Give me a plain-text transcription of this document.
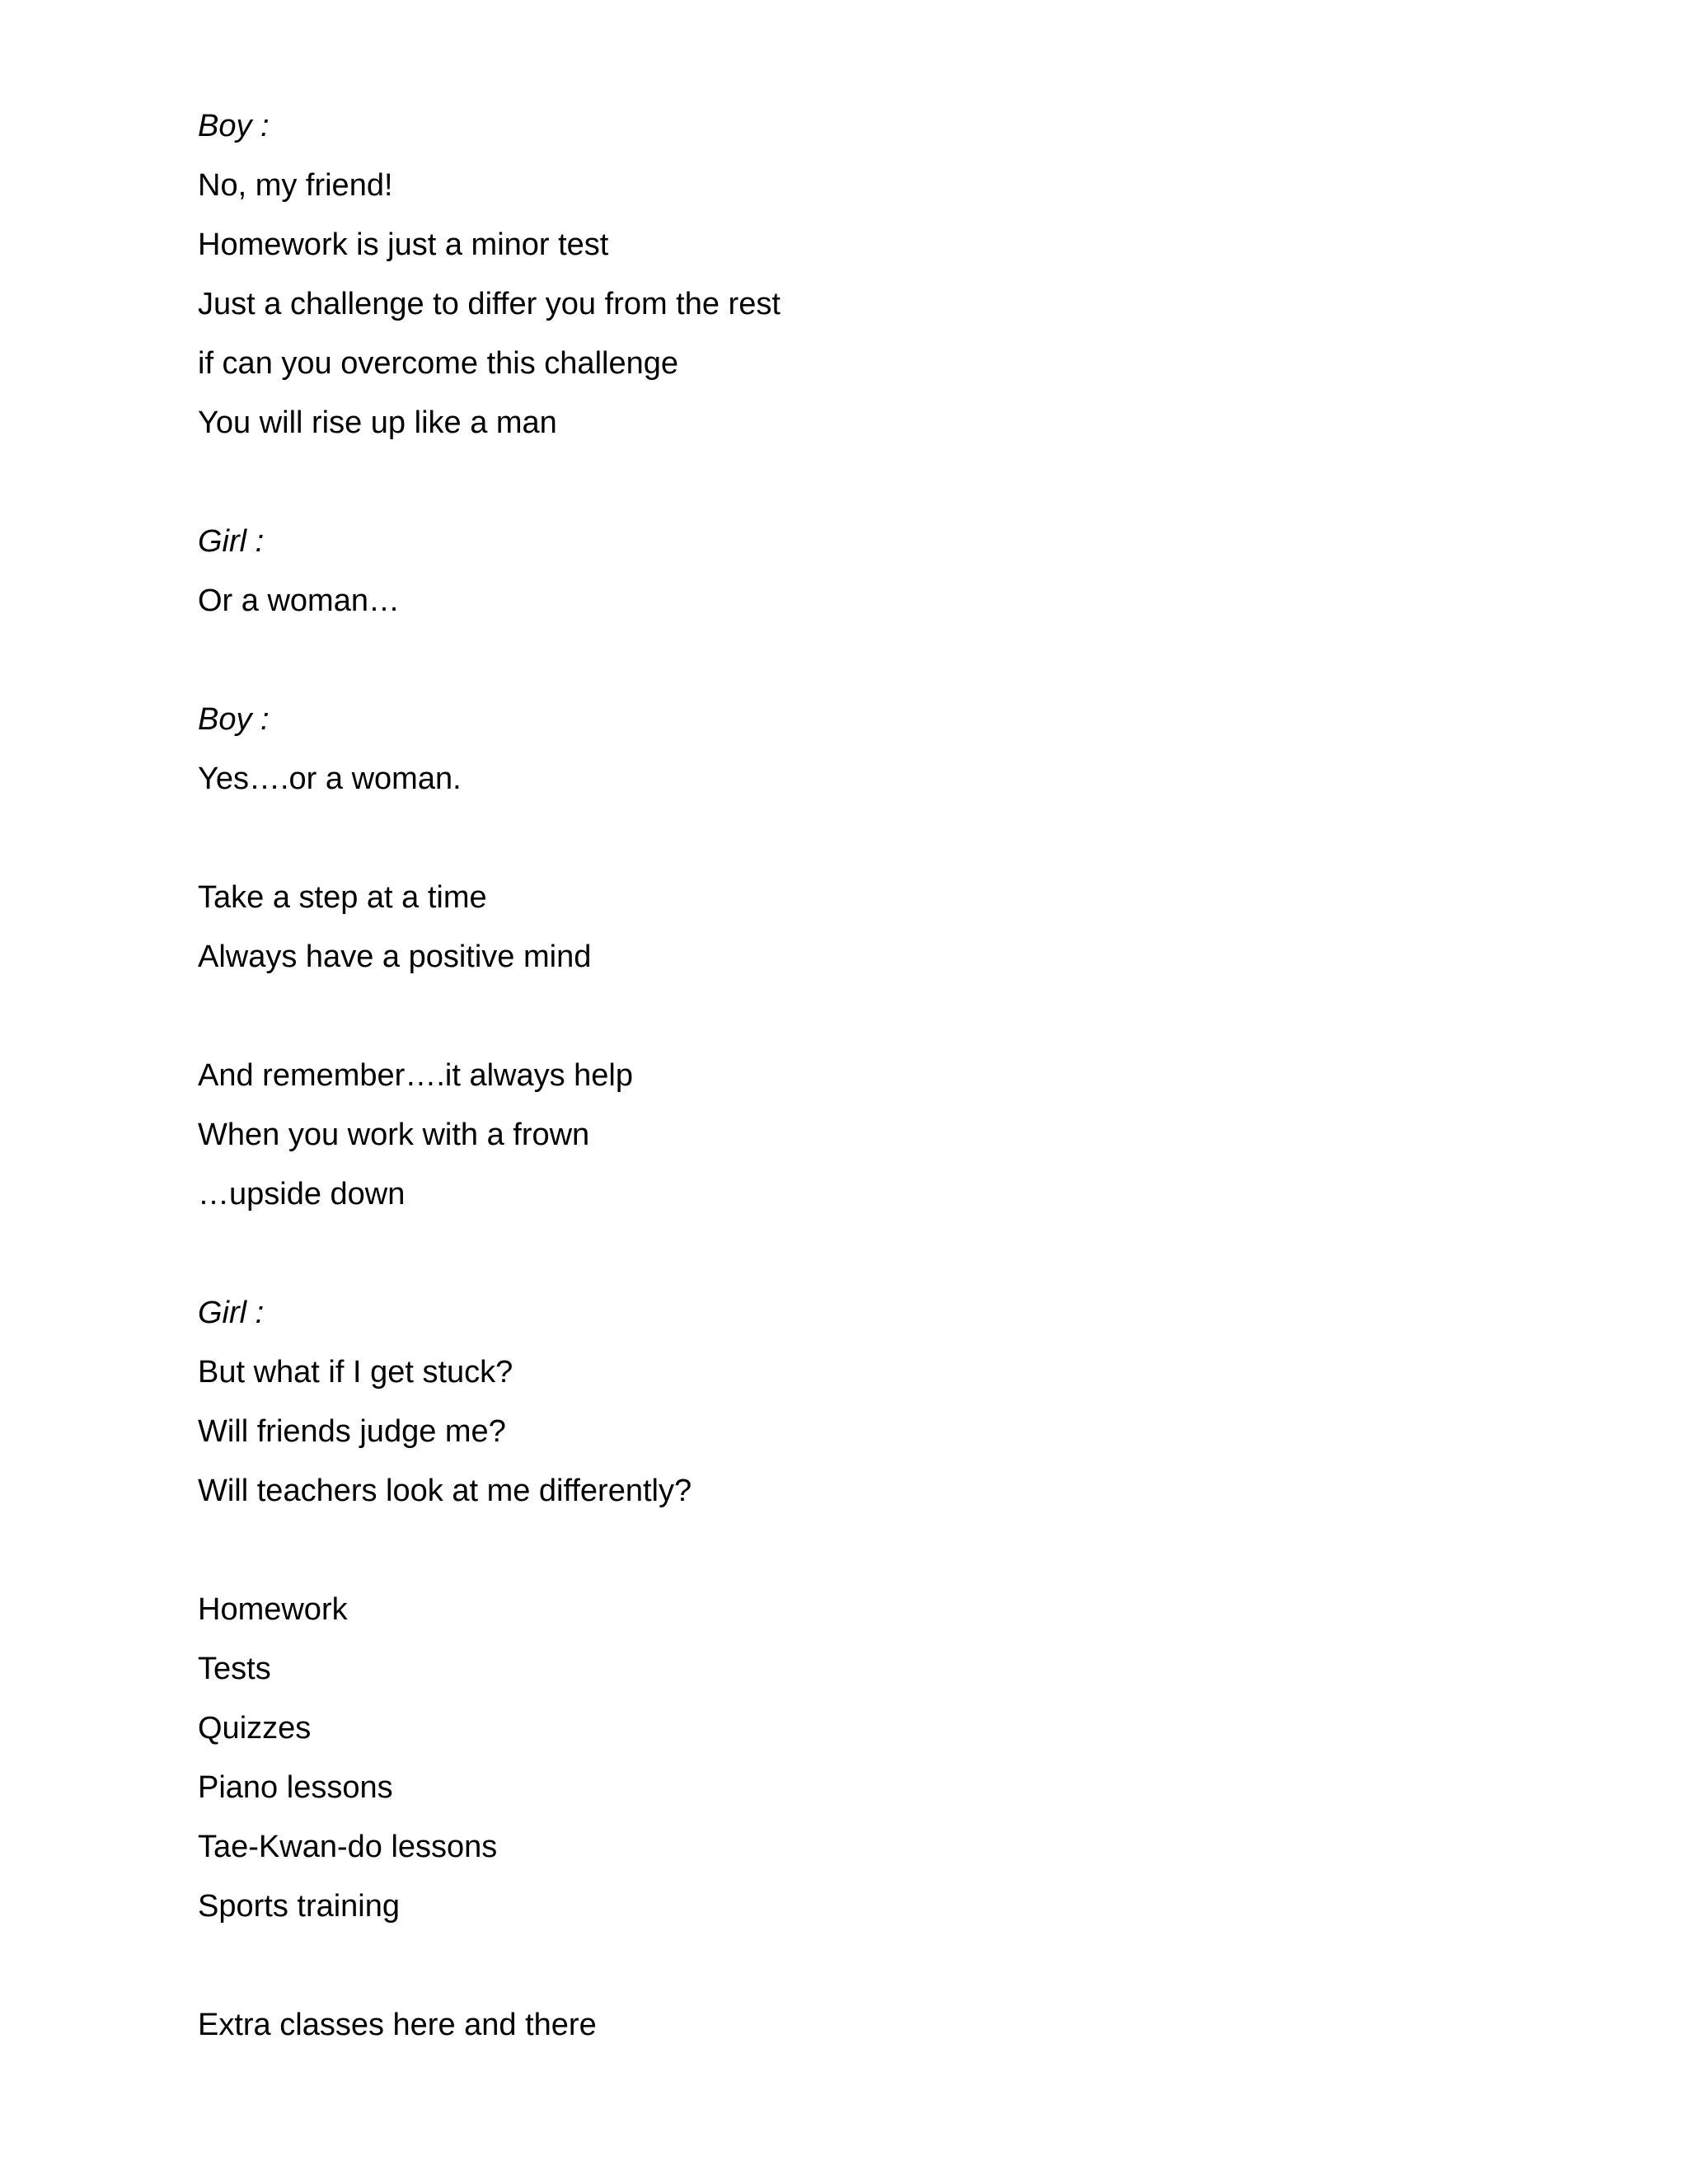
Boy :

No, my friend!

Homework is just a minor test

Just a challenge to differ you from the rest

if can you overcome this challenge

You will rise up like a man

Girl :

Or a woman…

Boy :

Yes….or a woman.

Take a step at a time

Always have a positive mind

And remember….it always help

When you work with a frown

…upside down

Girl :

But what if I get stuck?

Will friends judge me?

Will teachers look at me differently?

Homework

Tests

Quizzes

Piano lessons

Tae-Kwan-do lessons

Sports training

Extra classes here and there
